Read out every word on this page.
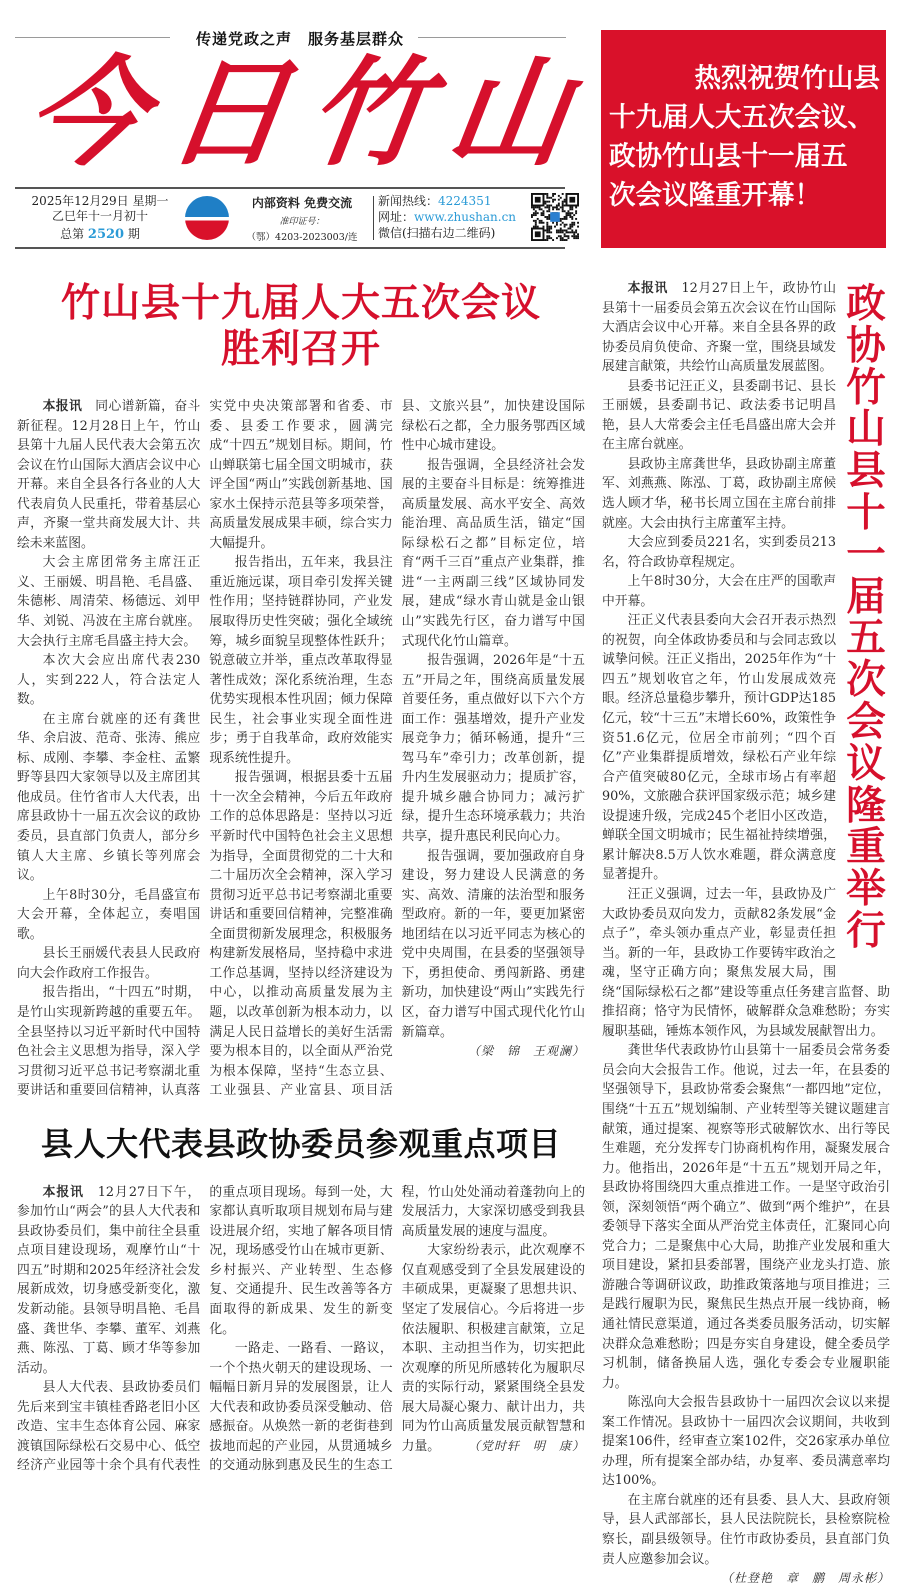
传递党政之声　服务基层群众
今 日 竹 山
2025年12月29日 星期一
乙巳年十一月初十
总第 2520 期
内部资料 免费交流
准印证号：
（鄂）4203-2023003/连
新闻热线：4224351
网址：www.zhushan.cn
微信(扫描右边二维码)
热烈祝贺竹山县
十九届人大五次会议、
政协竹山县十一届五
次会议隆重开幕！
竹山县十九届人大五次会议
胜利召开

本报讯　同心谱新篇，奋斗新征程。12月28日上午，竹山县第十九届人民代表大会第五次会议在竹山国际大酒店会议中心开幕。来自全县各行各业的人大代表肩负人民重托，带着基层心声，齐聚一堂共商发展大计、共绘未来蓝图。

大会主席团常务主席汪正义、王丽媛、明昌艳、毛昌盛、朱德彬、周清荣、杨德远、刘甲华、刘锐、冯波在主席台就座。大会执行主席毛昌盛主持大会。

本次大会应出席代表230人，实到222人，符合法定人数。

在主席台就座的还有龚世华、余启波、范奇、张涛、熊应标、成刚、李攀、李金柱、孟繁野等县四大家领导以及主席团其他成员。住竹省市人大代表，出席县政协十一届五次会议的政协委员，县直部门负责人，部分乡镇人大主席、乡镇长等列席会议。

上午8时30分，毛昌盛宣布大会开幕，全体起立，奏唱国歌。

县长王丽媛代表县人民政府向大会作政府工作报告。

报告指出，“十四五”时期，是竹山实现新跨越的重要五年。全县坚持以习近平新时代中国特色社会主义思想为指导，深入学习贯彻习近平总书记考察湖北重要讲话和重要回信精神，认真落实党中央决策部署和省委、市委、县委工作要求，圆满完成“十四五”规划目标。期间，竹山蝉联第七届全国文明城市，获评全国“两山”实践创新基地、国家水土保持示范县等多项荣誉，高质量发展成果丰硕，综合实力大幅提升。

报告指出，五年来，我县注重近施远谋，项目牵引发挥关键性作用；坚持链群协同，产业发展取得历史性突破；强化全域统筹，城乡面貌呈现整体性跃升；锐意破立并举，重点改革取得显著性成效；深化系统治理，生态优势实现根本性巩固；倾力保障民生，社会事业实现全面性进步；勇于自我革命，政府效能实现系统性提升。

报告强调，根据县委十五届十一次全会精神，今后五年政府工作的总体思路是：坚持以习近平新时代中国特色社会主义思想为指导，全面贯彻党的二十大和二十届历次全会精神，深入学习贯彻习近平总书记考察湖北重要讲话和重要回信精神，完整准确全面贯彻新发展理念，积极服务构建新发展格局，坚持稳中求进工作总基调，坚持以经济建设为中心，以推动高质量发展为主题，以改革创新为根本动力，以满足人民日益增长的美好生活需要为根本目的，以全面从严治党为根本保障，坚持“生态立县、工业强县、产业富县、项目活县、文旅兴县”，加快建设国际绿松石之都，全力服务鄂西区域性中心城市建设。

报告强调，全县经济社会发展的主要奋斗目标是：统筹推进高质量发展、高水平安全、高效能治理、高品质生活，锚定“国际绿松石之都”目标定位，培育“两千三百”重点产业集群，推进“一主两副三线”区域协同发展，建成“绿水青山就是金山银山”实践先行区，奋力谱写中国式现代化竹山篇章。

报告强调，2026年是“十五五”开局之年，围绕高质量发展首要任务，重点做好以下六个方面工作：强基增效，提升产业发展竞争力；循环畅通，提升“三驾马车”牵引力；改革创新，提升内生发展驱动力；提质扩容，提升城乡融合协同力；减污扩绿，提升生态环境承载力；共治共享，提升惠民利民向心力。

报告强调，要加强政府自身建设，努力建设人民满意的务实、高效、清廉的法治型和服务型政府。新的一年，要更加紧密地团结在以习近平同志为核心的党中央周围，在县委的坚强领导下，勇担使命、勇闯新路、勇建新功，加快建设“两山”实践先行区，奋力谱写中国式现代化竹山新篇章。
（梁　锦　王观澜）

县人大代表县政协委员参观重点项目

本报讯　12月27日下午，参加竹山“两会”的县人大代表和县政协委员们，集中前往全县重点项目建设现场，观摩竹山“十四五”时期和2025年经济社会发展新成效，切身感受新变化，激发新动能。县领导明昌艳、毛昌盛、龚世华、李攀、董军、刘燕燕、陈泓、丁葛、顾才华等参加活动。

县人大代表、县政协委员们先后来到宝丰镇桂香路老旧小区改造、宝丰生态体育公园、麻家渡镇国际绿松石交易中心、低空经济产业园等十余个具有代表性的重点项目现场。每到一处，大家都认真听取项目规划布局与建设进展介绍，实地了解各项目情况，现场感受竹山在城市更新、乡村振兴、产业转型、生态修复、交通提升、民生改善等各方面取得的新成果、发生的新变化。

一路走、一路看、一路议，一个个热火朝天的建设现场、一幅幅日新月异的发展图景，让人大代表和政协委员深受触动、倍感振奋。从焕然一新的老街巷到拔地而起的产业园，从贯通城乡的交通动脉到惠及民生的生态工程，竹山处处涌动着蓬勃向上的发展活力，大家深切感受到我县高质量发展的速度与温度。

大家纷纷表示，此次观摩不仅直观感受到了全县发展建设的丰硕成果，更凝聚了思想共识、坚定了发展信心。今后将进一步依法履职、积极建言献策，立足本职、主动担当作为，切实把此次观摩的所见所感转化为履职尽责的实际行动，紧紧围绕全县发展大局凝心聚力、献计出力，共同为竹山高质量发展贡献智慧和力量。	（党时轩　明　康）

政协竹山县十一届五次会议隆重举行

本报讯　12月27日上午，政协竹山县第十一届委员会第五次会议在竹山国际大酒店会议中心开幕。来自全县各界的政协委员肩负使命、齐聚一堂，围绕县域发展建言献策，共绘竹山高质量发展蓝图。

县委书记汪正义，县委副书记、县长王丽媛，县委副书记、政法委书记明昌艳，县人大常委会主任毛昌盛出席大会并在主席台就座。

县政协主席龚世华，县政协副主席董军、刘燕燕、陈泓、丁葛，政协副主席候选人顾才华，秘书长周立国在主席台前排就座。大会由执行主席董军主持。

大会应到委员221名，实到委员213名，符合政协章程规定。

上午8时30分，大会在庄严的国歌声中开幕。

汪正义代表县委向大会召开表示热烈的祝贺，向全体政协委员和与会同志致以诚挚问候。汪正义指出，2025年作为“十四五”规划收官之年，竹山发展成效亮眼。经济总量稳步攀升，预计GDP达185亿元，较“十三五”末增长60%，政策性争资51.6亿元，位居全市前列；“四个百亿”产业集群提质增效，绿松石产业年综合产值突破80亿元，全球市场占有率超90%，文旅融合获评国家级示范；城乡建设提速升级，完成245个老旧小区改造，蝉联全国文明城市；民生福祉持续增强，累计解决8.5万人饮水难题，群众满意度显著提升。

汪正义强调，过去一年，县政协及广大政协委员双向发力，贡献82条发展“金点子”，牵头领办重点产业，彰显责任担当。新的一年，县政协工作要铸牢政治之魂，坚守正确方向；聚焦发展大局，围绕“国际绿松石之都”建设等重点任务建言监督、助推招商；恪守为民情怀，破解群众急难愁盼；夯实履职基础，锤炼本领作风，为县域发展献智出力。

龚世华代表政协竹山县第十一届委员会常务委员会向大会报告工作。他说，过去一年，在县委的坚强领导下，县政协常委会聚焦“一都四地”定位，围绕“十五五”规划编制、产业转型等关键议题建言献策，通过提案、视察等形式破解饮水、出行等民生难题，充分发挥专门协商机构作用，凝聚发展合力。他指出，2026年是“十五五”规划开局之年，县政协将围绕四大重点推进工作。一是坚守政治引领，深刻领悟“两个确立”、做到“两个维护”，在县委领导下落实全面从严治党主体责任，汇聚同心向党合力；二是聚焦中心大局，助推产业发展和重大项目建设，紧扣县委部署，围绕产业龙头打造、旅游融合等调研议政，助推政策落地与项目推进；三是践行履职为民，聚焦民生热点开展一线协商，畅通社情民意渠道，通过各类委员服务活动，切实解决群众急难愁盼；四是夯实自身建设，健全委员学习机制，储备换届人选，强化专委会专业履职能力。

陈泓向大会报告县政协十一届四次会议以来提案工作情况。县政协十一届四次会议期间，共收到提案106件，经审查立案102件，交26家承办单位办理，所有提案全部办结，办复率、委员满意率均达100%。

在主席台就座的还有县委、县人大、县政府领导，县人武部部长，县人民法院院长，县检察院检察长，副县级领导。住竹市政协委员，县直部门负责人应邀参加会议。
（杜登艳　章　鹏　周永彬）
